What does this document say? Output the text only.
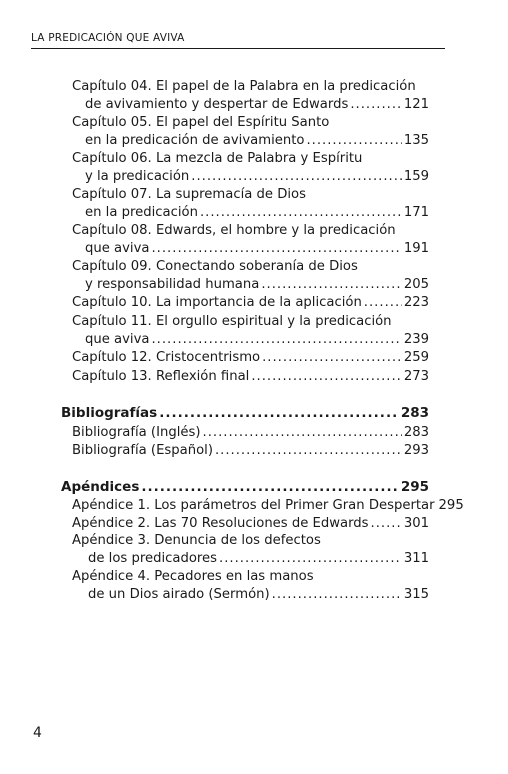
LA PREDICACIÓN QUE AVIVA
Capítulo 04. El papel de la Palabra en la predicación
de avivamiento y despertar de Edwards .....	121
Capítulo 05. El papel del Espíritu Santo
en la predicación de avivamiento .....	135
Capítulo 06. La mezcla de Palabra y Espíritu
y la predicación .....	159
Capítulo 07. La supremacía de Dios
en la predicación .....	171
Capítulo 08. Edwards, el hombre y la predicación
que aviva .....	191
Capítulo 09. Conectando soberanía de Dios
y responsabilidad humana .....	205
Capítulo 10. La importancia de la aplicación .....	223
Capítulo 11. El orgullo espiritual y la predicación
que aviva .....	239
Capítulo 12. Cristocentrismo .....	259
Capítulo 13. Reflexión final .....	273
Bibliografías .....	283
Bibliografía (Inglés) .....	283
Bibliografía (Español) .....	293
Apéndices .....	295
Apéndice 1. Los parámetros del Primer Gran Despertar 295
Apéndice 2. Las 70 Resoluciones de Edwards .....	301
Apéndice 3. Denuncia de los defectos
de los predicadores .....	311
Apéndice 4. Pecadores en las manos
de un Dios airado (Sermón) .....	315
4
